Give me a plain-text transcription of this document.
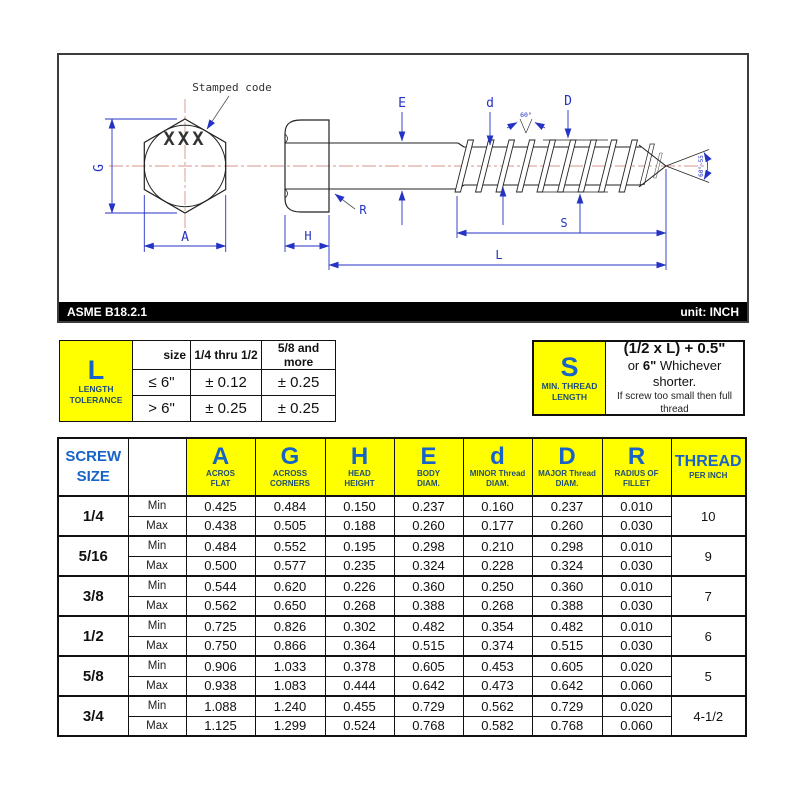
XXX
Stamped code
G
A
E	d	D
60°
60°~55
S
L
H
R
ASME B18.2.1	unit: INCH
L
LENGTH
TOLERANCE	size	1/4 thru 1/2	5/8 and more
	≤ 6"	± 0.12	± 0.25
	> 6"	± 0.25	± 0.25
S
MIN. THREAD
LENGTH
(1/2 x L) + 0.5"
or 6" Whichever shorter.
If screw too small then full thread
SCREW
SIZE

A
ACROS
FLAT

G
ACROSS
CORNERS

H
HEAD
HEIGHT

E
BODY
DIAM.

d
MINOR Thread
DIAM.

D
MAJOR Thread
DIAM.

R
RADIUS OF
FILLET

THREAD
PER INCH

1/4	Min	0.425	0.484	0.150	0.237	0.160	0.237	0.010	10
	Max	0.438	0.505	0.188	0.260	0.177	0.260	0.030	
5/16	Min	0.484	0.552	0.195	0.298	0.210	0.298	0.010	9
	Max	0.500	0.577	0.235	0.324	0.228	0.324	0.030	
3/8	Min	0.544	0.620	0.226	0.360	0.250	0.360	0.010	7
	Max	0.562	0.650	0.268	0.388	0.268	0.388	0.030	
1/2	Min	0.725	0.826	0.302	0.482	0.354	0.482	0.010	6
	Max	0.750	0.866	0.364	0.515	0.374	0.515	0.030	
5/8	Min	0.906	1.033	0.378	0.605	0.453	0.605	0.020	5
	Max	0.938	1.083	0.444	0.642	0.473	0.642	0.060	
3/4	Min	1.088	1.240	0.455	0.729	0.562	0.729	0.020	4-1/2
	Max	1.125	1.299	0.524	0.768	0.582	0.768	0.060	
